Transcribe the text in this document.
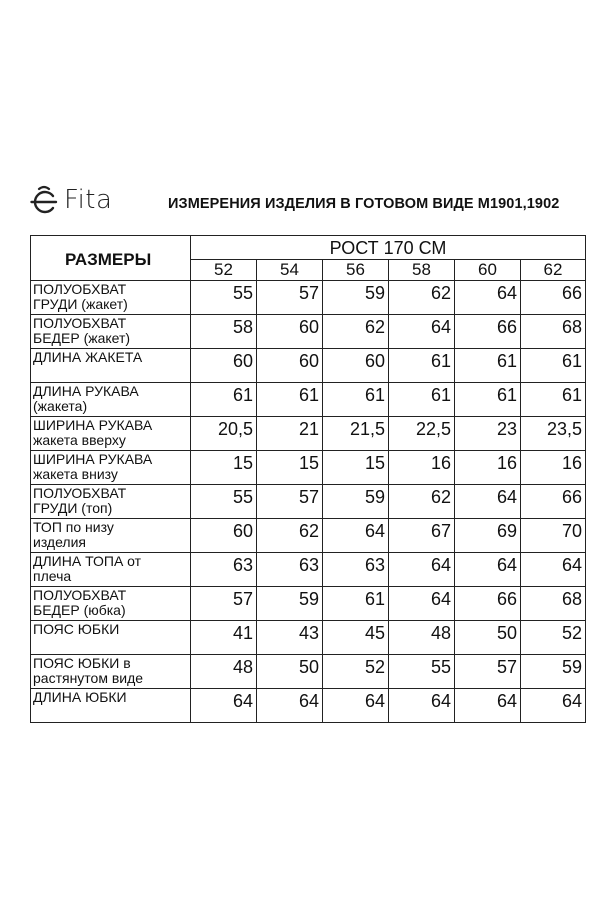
Fita	ИЗМЕРЕНИЯ ИЗДЕЛИЯ В ГОТОВОМ ВИДЕ М1901,1902
РАЗМЕРЫ	РОСТ 170 СМ					
	52	54	56	58	60	62

ПОЛУОБХВАТ
ГРУДИ (жакет)	55	57	59	62	64	66

ПОЛУОБХВАТ
БЕДЕР (жакет)	58	60	62	64	66	68

ДЛИНА ЖАКЕТА	60	60	60	61	61	61

ДЛИНА РУКАВА
(жакета)	61	61	61	61	61	61

ШИРИНА РУКАВА
жакета вверху	20,5	21	21,5	22,5	23	23,5

ШИРИНА РУКАВА
жакета внизу	15	15	15	16	16	16

ПОЛУОБХВАТ
ГРУДИ (топ)	55	57	59	62	64	66

ТОП по низу
изделия	60	62	64	67	69	70

ДЛИНА ТОПА от
плеча	63	63	63	64	64	64

ПОЛУОБХВАТ
БЕДЕР (юбка)	57	59	61	64	66	68

ПОЯС ЮБКИ	41	43	45	48	50	52

ПОЯС ЮБКИ в
растянутом виде	48	50	52	55	57	59

ДЛИНА ЮБКИ	64	64	64	64	64	64
